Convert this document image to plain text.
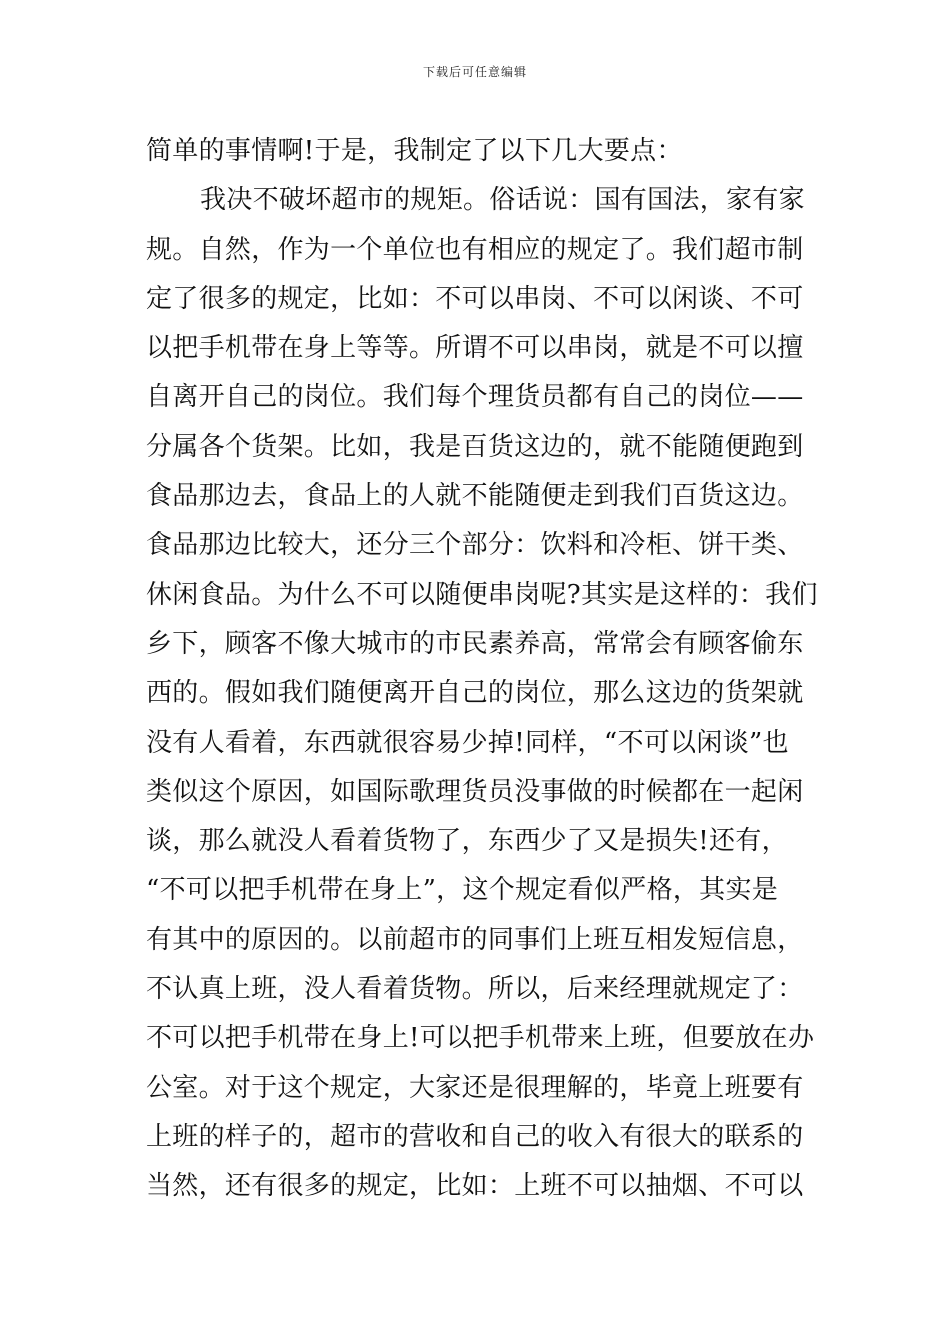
下载后可任意编辑
简单的事情啊!于是，我制定了以下几大要点：
我决不破坏超市的规矩。俗话说：国有国法，家有家
规。自然，作为一个单位也有相应的规定了。我们超市制
定了很多的规定，比如：不可以串岗、不可以闲谈、不可
以把手机带在身上等等。所谓不可以串岗，就是不可以擅
自离开自己的岗位。我们每个理货员都有自己的岗位——
分属各个货架。比如，我是百货这边的，就不能随便跑到
食品那边去，食品上的人就不能随便走到我们百货这边。
食品那边比较大，还分三个部分：饮料和冷柜、饼干类、
休闲食品。为什么不可以随便串岗呢?其实是这样的：我们
乡下，顾客不像大城市的市民素养高，常常会有顾客偷东
西的。假如我们随便离开自己的岗位，那么这边的货架就
没有人看着，东西就很容易少掉!同样，“不可以闲谈”也
类似这个原因，如国际歌理货员没事做的时候都在一起闲
谈，那么就没人看着货物了，东西少了又是损失!还有，
“不可以把手机带在身上”，这个规定看似严格，其实是
有其中的原因的。以前超市的同事们上班互相发短信息，
不认真上班，没人看着货物。所以，后来经理就规定了：
不可以把手机带在身上!可以把手机带来上班，但要放在办
公室。对于这个规定，大家还是很理解的，毕竟上班要有
上班的样子的，超市的营收和自己的收入有很大的联系的
当然，还有很多的规定，比如：上班不可以抽烟、不可以
